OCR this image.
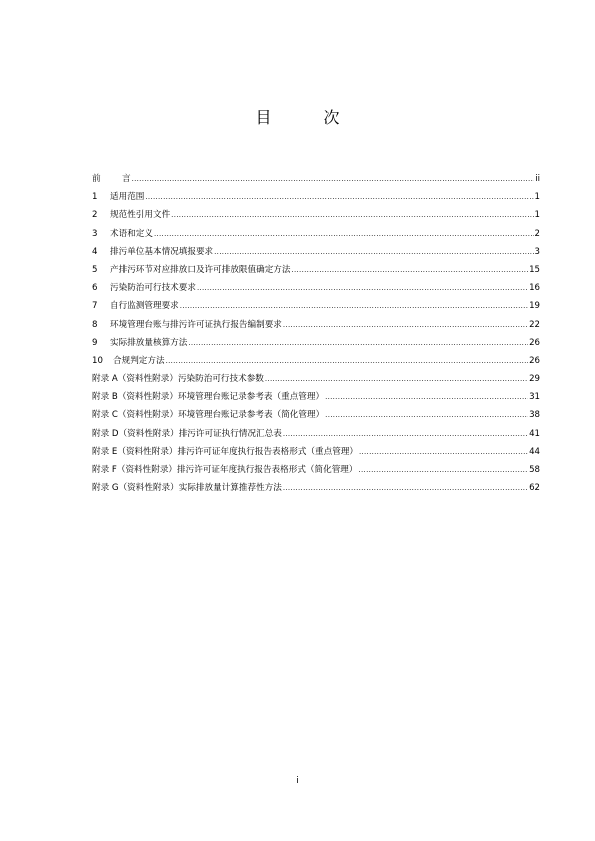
目　次
前	言 .....	ii
1	适用范围 .....	1
2	规范性引用文件 .....	1
3	术语和定义 .....	2
4	排污单位基本情况填报要求 .....	3
5	产排污环节对应排放口及许可排放限值确定方法 .....	15
6	污染防治可行技术要求 .....	16
7	自行监测管理要求 .....	19
8	环境管理台账与排污许可证执行报告编制要求 .....	22
9	实际排放量核算方法 .....	26
10	合规判定方法 .....	26
附录 A（资料性附录）污染防治可行技术参数 .....	29
附录 B（资料性附录）环境管理台账记录参考表（重点管理） .....	31
附录 C（资料性附录）环境管理台账记录参考表（简化管理） .....	38
附录 D（资料性附录）排污许可证执行情况汇总表 .....	41
附录 E（资料性附录）排污许可证年度执行报告表格形式（重点管理） .....	44
附录 F（资料性附录）排污许可证年度执行报告表格形式（简化管理） .....	58
附录 G（资料性附录）实际排放量计算推荐性方法 .....	62
i
